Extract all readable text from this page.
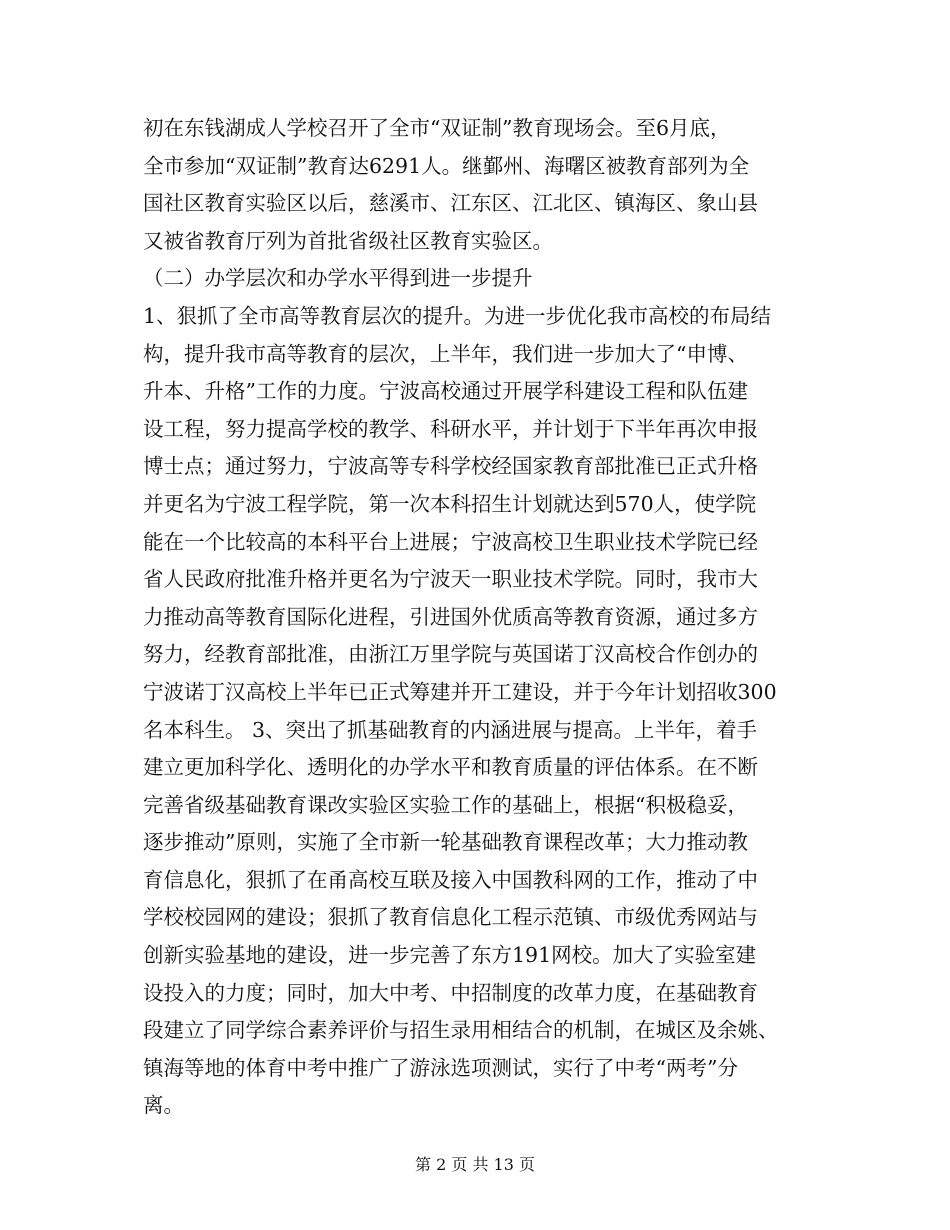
初在东钱湖成人学校召开了全市“双证制”教育现场会。至6月底，
全市参加“双证制”教育达6291人。继鄞州、海曙区被教育部列为全
国社区教育实验区以后，慈溪市、江东区、江北区、镇海区、象山县
又被省教育厅列为首批省级社区教育实验区。
（二）办学层次和办学水平得到进一步提升
1、狠抓了全市高等教育层次的提升。为进一步优化我市高校的布局结
构，提升我市高等教育的层次，上半年，我们进一步加大了“申博、
升本、升格”工作的力度。宁波高校通过开展学科建设工程和队伍建
设工程，努力提高学校的教学、科研水平，并计划于下半年再次申报
博士点；通过努力，宁波高等专科学校经国家教育部批准已正式升格
并更名为宁波工程学院，第一次本科招生计划就达到570人，使学院
能在一个比较高的本科平台上进展；宁波高校卫生职业技术学院已经
省人民政府批准升格并更名为宁波天一职业技术学院。同时，我市大
力推动高等教育国际化进程，引进国外优质高等教育资源，通过多方
努力，经教育部批准，由浙江万里学院与英国诺丁汉高校合作创办的
宁波诺丁汉高校上半年已正式筹建并开工建设，并于今年计划招收300
名本科生。 3、突出了抓基础教育的内涵进展与提高。上半年，着手
建立更加科学化、透明化的办学水平和教育质量的评估体系。在不断
完善省级基础教育课改实验区实验工作的基础上，根据“积极稳妥，
逐步推动”原则，实施了全市新一轮基础教育课程改革；大力推动教
育信息化，狠抓了在甬高校互联及接入中国教科网的工作，推动了中
学校校园网的建设；狠抓了教育信息化工程示范镇、市级优秀网站与
创新实验基地的建设，进一步完善了东方191网校。加大了实验室建
设投入的力度；同时，加大中考、中招制度的改革力度，在基础教育
段建立了同学综合素养评价与招生录用相结合的机制，在城区及余姚、
镇海等地的体育中考中推广了游泳选项测试，实行了中考“两考”分
离。
第 2 页 共 13 页
